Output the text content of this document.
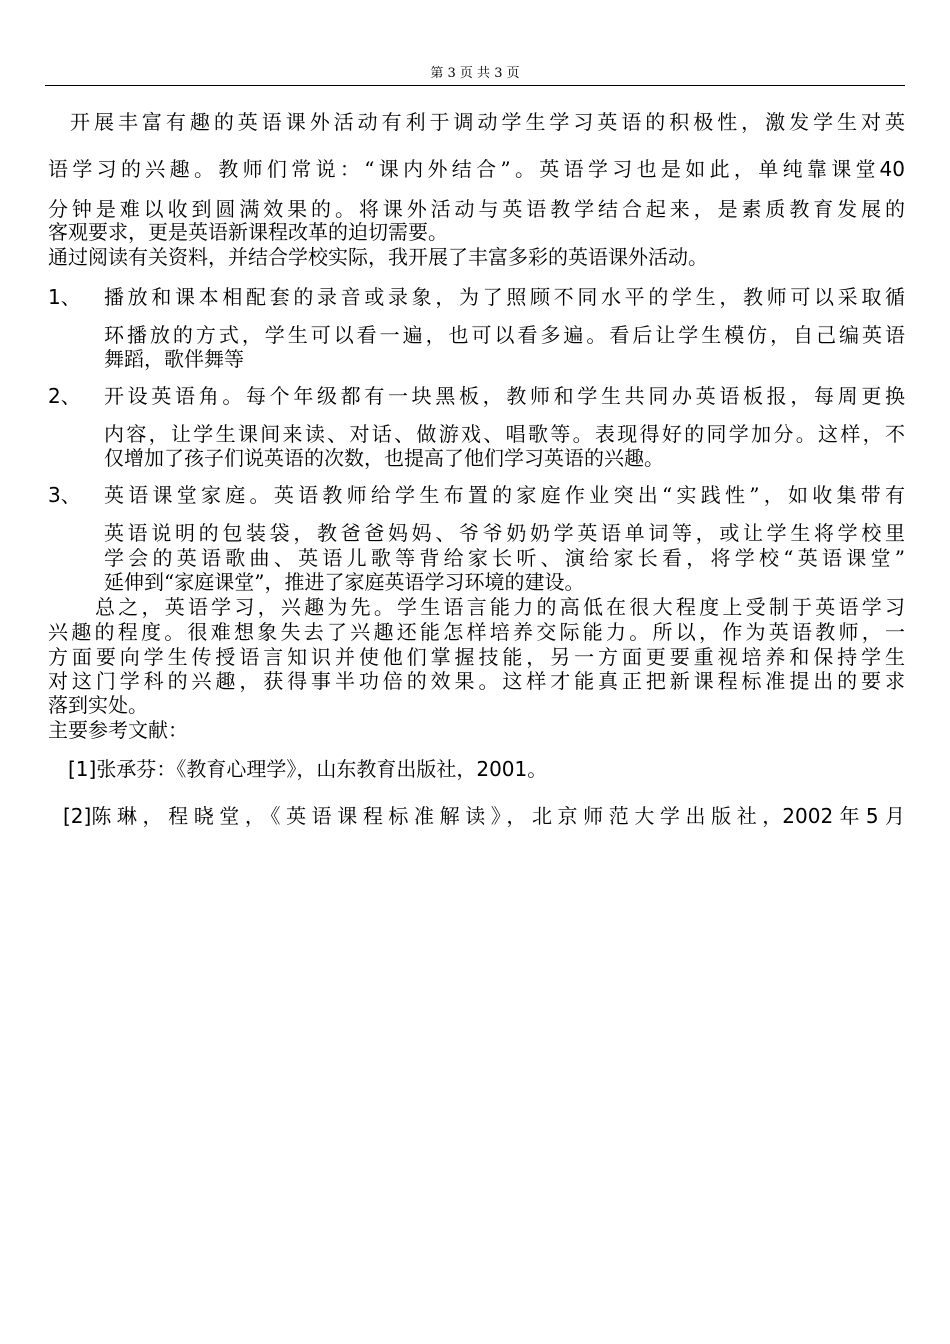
第 3 页 共 3 页
开展丰富有趣的英语课外活动有利于调动学生学习英语的积极性，激发学生对英
语学习的兴趣。教师们常说：“课内外结合”。英语学习也是如此，单纯靠课堂 40
分钟是难以收到圆满效果的。将课外活动与英语教学结合起来，是素质教育发展的
客观要求，更是英语新课程改革的迫切需要。
通过阅读有关资料，并结合学校实际，我开展了丰富多彩的英语课外活动。
1、 播放和课本相配套的录音或录象，为了照顾不同水平的学生，教师可以采取循
环播放的方式，学生可以看一遍，也可以看多遍。看后让学生模仿，自己编英语
舞蹈，歌伴舞等
2、 开设英语角。每个年级都有一块黑板，教师和学生共同办英语板报，每周更换
内容，让学生课间来读、对话、做游戏、唱歌等。表现得好的同学加分。这样，不
仅增加了孩子们说英语的次数，也提高了他们学习英语的兴趣。
3、 英语课堂家庭。英语教师给学生布置的家庭作业突出“实践性”，如收集带有
英语说明的包装袋，教爸爸妈妈、爷爷奶奶学英语单词等，或让学生将学校里
学会的英语歌曲、英语儿歌等背给家长听、演给家长看，将学校“英语课堂”
延伸到“家庭课堂”，推进了家庭英语学习环境的建设。
总之，英语学习，兴趣为先。学生语言能力的高低在很大程度上受制于英语学习
兴趣的程度。很难想象失去了兴趣还能怎样培养交际能力。所以，作为英语教师，一
方面要向学生传授语言知识并使他们掌握技能，另一方面更要重视培养和保持学生
对这门学科的兴趣，获得事半功倍的效果。这样才能真正把新课程标准提出的要求
落到实处。
主要参考文献：
[1]张承芬：《教育心理学》，山东教育出版社，2001。
[2] 陈琳，程晓堂，《英语课程标准解读》，北京师范大学出版社， 2002 年 5 月
